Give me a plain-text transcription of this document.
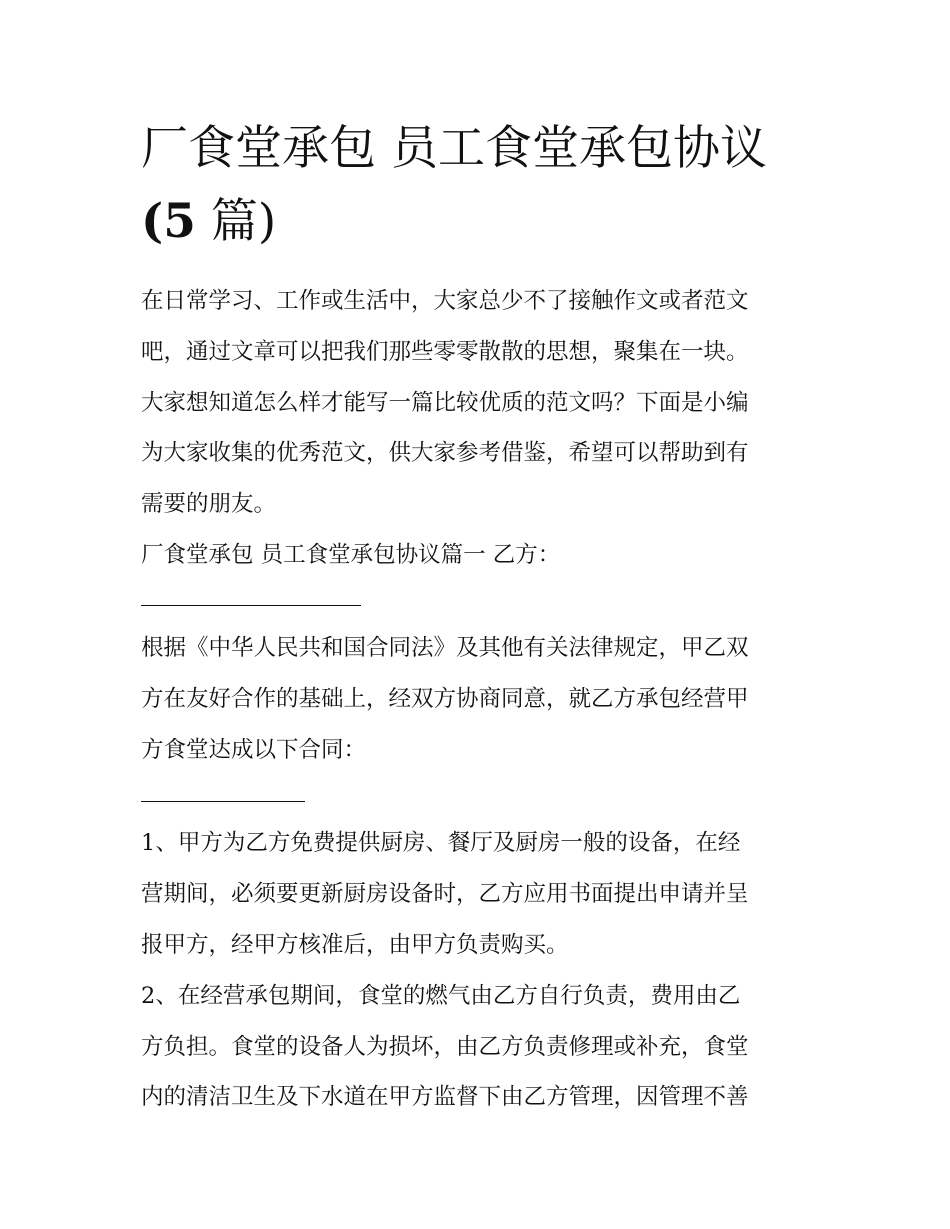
厂食堂承包 员工食堂承包协议
(5 篇)
在日常学习、工作或生活中，大家总少不了接触作文或者范文
吧，通过文章可以把我们那些零零散散的思想，聚集在一块。
大家想知道怎么样才能写一篇比较优质的范文吗？下面是小编
为大家收集的优秀范文，供大家参考借鉴，希望可以帮助到有
需要的朋友。
厂食堂承包 员工食堂承包协议篇一 乙方：
根据《中华人民共和国合同法》及其他有关法律规定，甲乙双
方在友好合作的基础上，经双方协商同意，就乙方承包经营甲
方食堂达成以下合同：
1、甲方为乙方免费提供厨房、餐厅及厨房一般的设备，在经
营期间，必须要更新厨房设备时，乙方应用书面提出申请并呈
报甲方，经甲方核准后，由甲方负责购买。
2、在经营承包期间，食堂的燃气由乙方自行负责，费用由乙
方负担。食堂的设备人为损坏，由乙方负责修理或补充，食堂
内的清洁卫生及下水道在甲方监督下由乙方管理，因管理不善
